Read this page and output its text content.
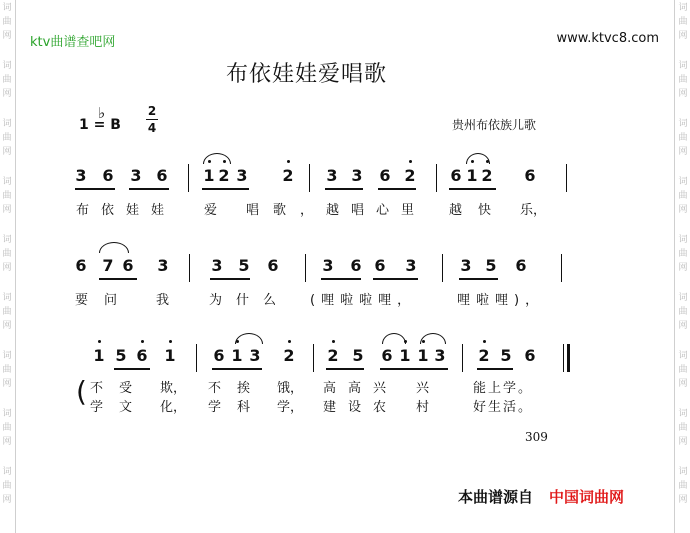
词
曲
网
词
曲
网
词
曲
网
词
曲
网
词
曲
网
词
曲
网
词
曲
网
词
曲
网
词
曲
网
词
曲
网
词
曲
网
词
曲
网
词
曲
网
词
曲
网
词
曲
网
词
曲
网
词
曲
网
词
曲
网
ktv曲谱查吧网	www.ktvc8.com
布依娃娃爱唱歌
1 = B
♭	2
4	贵州布依族儿歌
3 6 3 6 1 2 3 2 3 3 6 2 6 1 2 6
布依娃娃 爱 唱歌，
越唱心里 越快 乐，
6 7 6 3	3 5 6	3 6 6 3	3 5 6
要问 我	为什么 (哩啦啦哩，	哩啦哩)，
1 5 6 1 6 1 3 2 2 5 6 1 1 3 2 5 6
( 不受 欺， 不挨 饿， 高高兴 兴	能上学。
学文 化， 学科 学， 建设农 村	好生活。
309
本曲谱源自 中国词曲网
